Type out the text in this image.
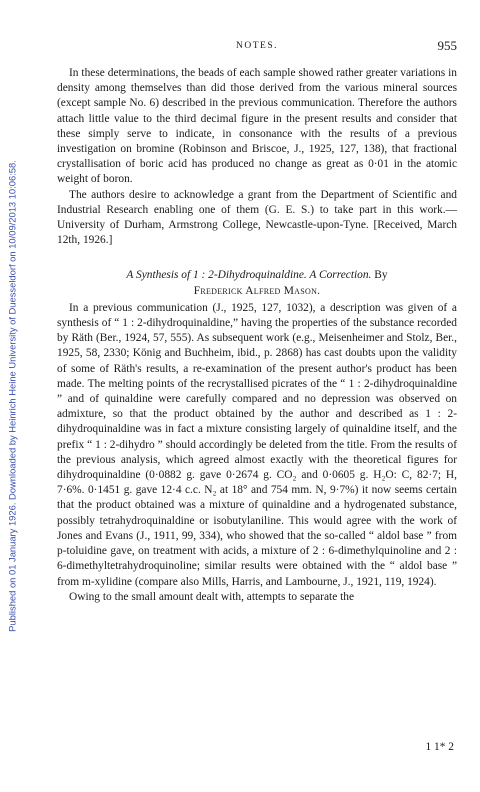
Published on 01 January 1926. Downloaded by Heinrich Heine University of Duesseldorf on 10/09/2013 10:06:58.
NOTES.	955

In these determinations, the beads of each sample showed rather greater variations in density among themselves than did those derived from the various mineral sources (except sample No. 6) described in the previous communication. Therefore the authors attach little value to the third decimal figure in the present results and consider that these simply serve to indicate, in consonance with the results of a previous investigation on bromine (Robinson and Briscoe, J., 1925, 127, 138), that fractional crystallisation of boric acid has produced no change as great as 0·01 in the atomic weight of boron.

The authors desire to acknowledge a grant from the Department of Scientific and Industrial Research enabling one of them (G. E. S.) to take part in this work.—University of Durham, Armstrong College, Newcastle-upon-Tyne. [Received, March 12th, 1926.]

A Synthesis of 1 : 2-Dihydroquinaldine. A Correction. By
Frederick Alfred Mason.

In a previous communication (J., 1925, 127, 1032), a description was given of a synthesis of “ 1 : 2-dihydroquinaldine,” having the properties of the substance recorded by Räth (Ber., 1924, 57, 555). As subsequent work (e.g., Meisenheimer and Stolz, Ber., 1925, 58, 2330; König and Buchheim, ibid., p. 2868) has cast doubts upon the validity of some of Räth's results, a re-examination of the present author's product has been made. The melting points of the recrystallised picrates of the “ 1 : 2-dihydroquinaldine ” and of quinaldine were carefully compared and no depression was observed on admixture, so that the product obtained by the author and described as 1 : 2-dihydroquinaldine was in fact a mixture consisting largely of quinaldine itself, and the prefix “ 1 : 2-dihydro ” should accordingly be deleted from the title. From the results of the previous analysis, which agreed almost exactly with the theoretical figures for dihydroquinaldine (0·0882 g. gave 0·2674 g. CO₂ and 0·0605 g. H₂O: C, 82·7; H, 7·6%. 0·1451 g. gave 12·4 c.c. N₂ at 18° and 754 mm. N, 9·7%) it now seems certain that the product obtained was a mixture of quinaldine and a hydrogenated substance, possibly tetrahydroquinaldine or isobutylaniline. This would agree with the work of Jones and Evans (J., 1911, 99, 334), who showed that the so-called “ aldol base ” from p-toluidine gave, on treatment with acids, a mixture of 2 : 6-dimethylquinoline and 2 : 6-dimethyltetrahydroquinoline; similar results were obtained with the “ aldol base ” from m-xylidine (compare also Mills, Harris, and Lambourne, J., 1921, 119, 1924).

Owing to the small amount dealt with, attempts to separate the

1 1* 2
